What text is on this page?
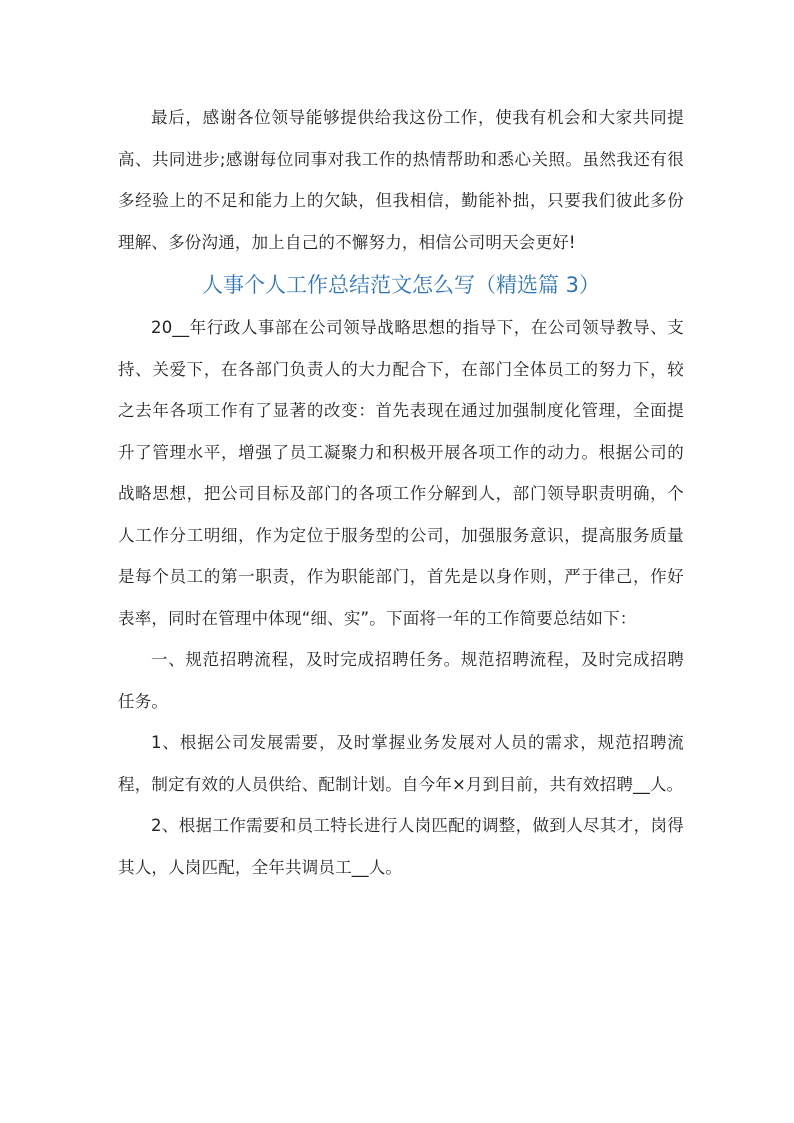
最后，感谢各位领导能够提供给我这份工作，使我有机会和大家共同提高、共同进步;感谢每位同事对我工作的热情帮助和悉心关照。虽然我还有很多经验上的不足和能力上的欠缺，但我相信，勤能补拙，只要我们彼此多份理解、多份沟通，加上自己的不懈努力，相信公司明天会更好!

人事个人工作总结范文怎么写（精选篇 3）

20__年行政人事部在公司领导战略思想的指导下，在公司领导教导、支持、关爱下，在各部门负责人的大力配合下，在部门全体员工的努力下，较之去年各项工作有了显著的改变：首先表现在通过加强制度化管理，全面提升了管理水平，增强了员工凝聚力和积极开展各项工作的动力。根据公司的战略思想，把公司目标及部门的各项工作分解到人，部门领导职责明确，个人工作分工明细，作为定位于服务型的公司，加强服务意识，提高服务质量是每个员工的第一职责，作为职能部门，首先是以身作则，严于律己，作好表率，同时在管理中体现“细、实”。下面将一年的工作简要总结如下：

一、规范招聘流程，及时完成招聘任务。规范招聘流程，及时完成招聘任务。

1、根据公司发展需要，及时掌握业务发展对人员的需求，规范招聘流程，制定有效的人员供给、配制计划。自今年×月到目前，共有效招聘__人。

2、根据工作需要和员工特长进行人岗匹配的调整，做到人尽其才，岗得其人，人岗匹配，全年共调员工__人。
